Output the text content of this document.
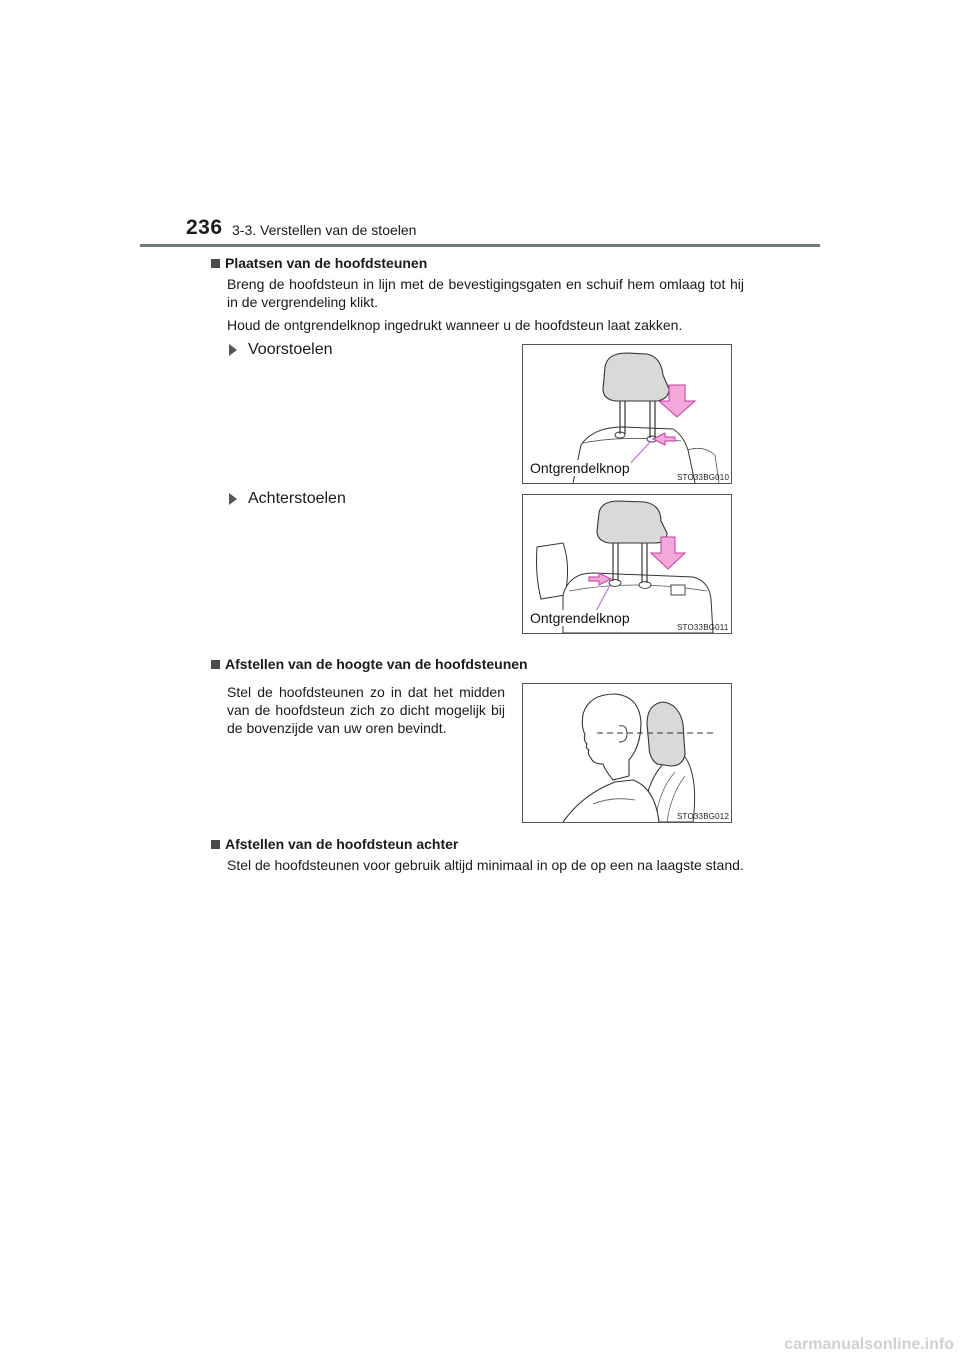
236 3-3. Verstellen van de stoelen
Plaatsen van de hoofdsteunen
Breng de hoofdsteun in lijn met de bevestigingsgaten en schuif hem omlaag tot hij in de vergrendeling klikt.
Houd de ontgrendelknop ingedrukt wanneer u de hoofdsteun laat zakken.
Voorstoelen
Ontgrendelknop
STO33BG010
Achterstoelen
Ontgrendelknop
STO33BG011
Afstellen van de hoogte van de hoofdsteunen
Stel de hoofdsteunen zo in dat het midden van de hoofdsteun zich zo dicht mogelijk bij de bovenzijde van uw oren bevindt.
STO33BG012
Afstellen van de hoofdsteun achter
Stel de hoofdsteunen voor gebruik altijd minimaal in op de op een na laagste stand.
carmanualsonline.info
